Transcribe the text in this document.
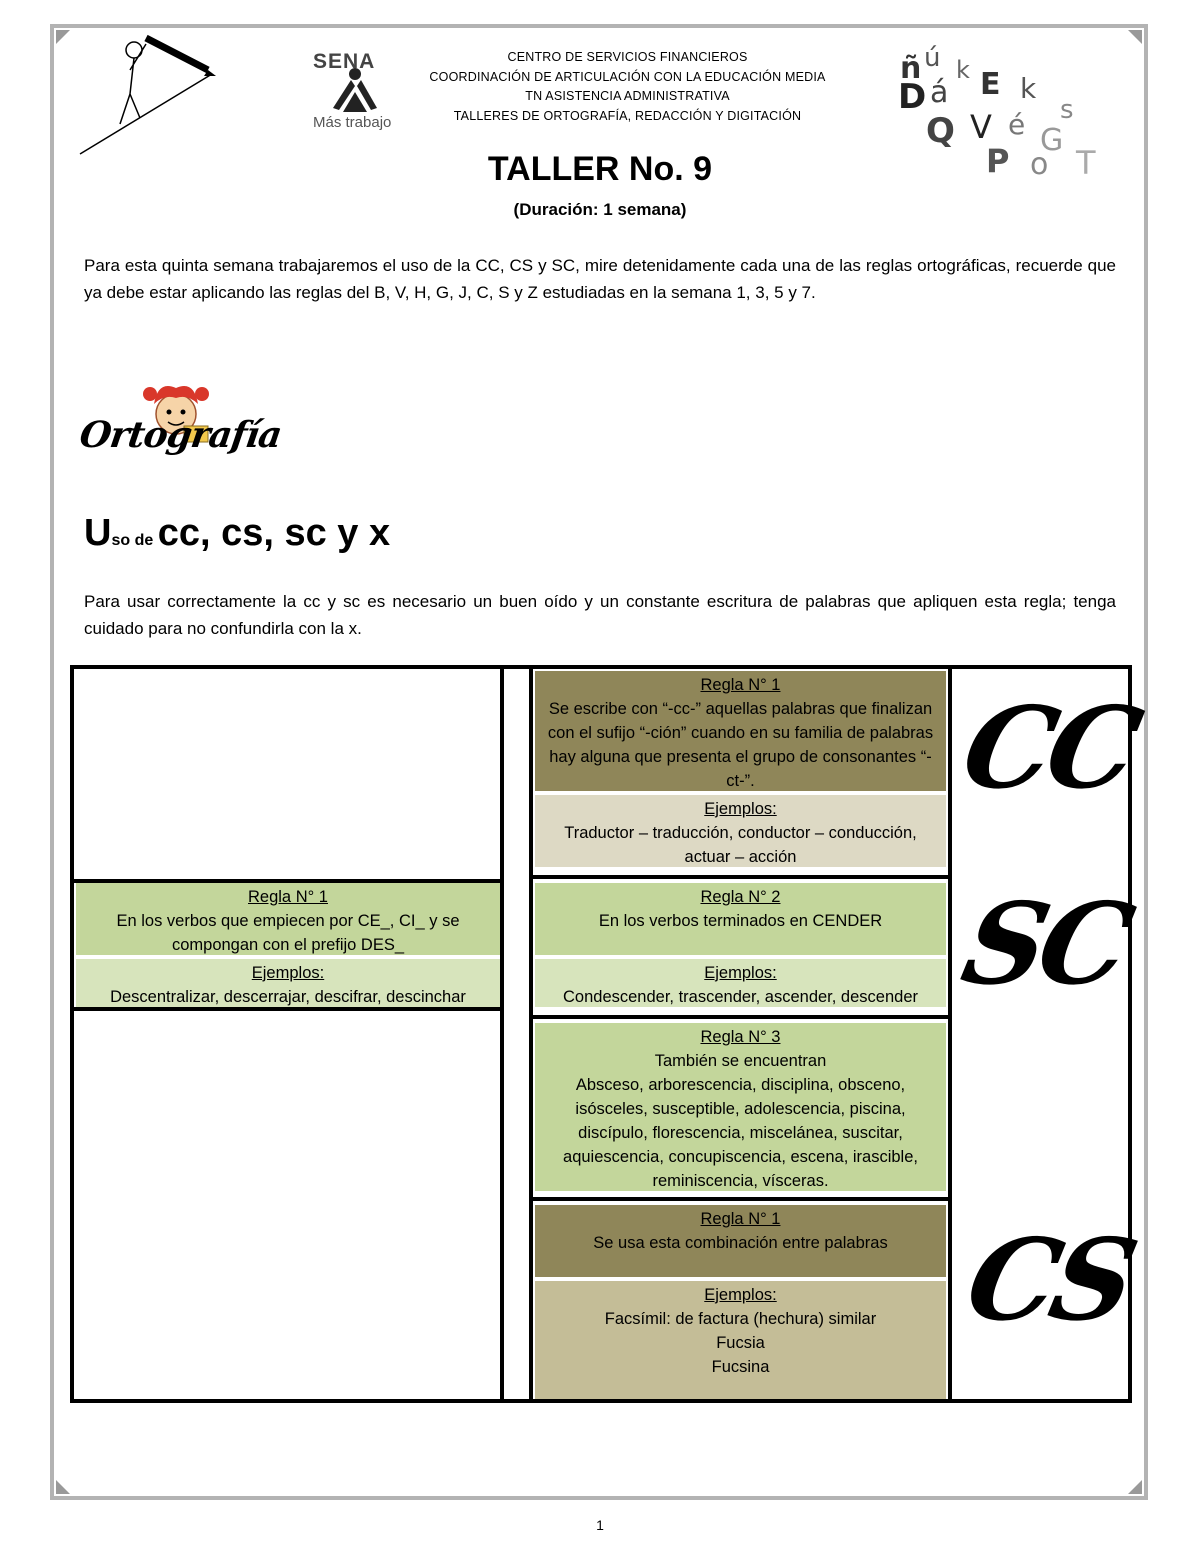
SENA
Más trabajo
CENTRO DE SERVICIOS FINANCIEROS
COORDINACIÓN DE ARTICULACIÓN CON LA EDUCACIÓN MEDIA
TN ASISTENCIA ADMINISTRATIVA
TALLERES DE ORTOGRAFÍA, REDACCIÓN Y DIGITACIÓN
ñ ú
D á
k E k
s
Q V é G
P o T
TALLER No. 9
(Duración: 1 semana)
Para esta quinta semana trabajaremos el uso de la CC, CS y SC, mire detenidamente cada una de las reglas ortográficas, recuerde que ya debe estar aplicando las reglas del B, V, H, G, J, C, S y Z estudiadas en la semana 1, 3, 5 y 7.
Ortografía
Uso de cc, cs, sc y x
Para usar correctamente la cc y sc es necesario un buen oído y un constante escritura de palabras que apliquen esta regla; tenga cuidado para no confundirla con la x.
Regla N° 1
En los verbos que empiecen por CE_, CI_ y se compongan con el prefijo DES_
Ejemplos:
Descentralizar, descerrajar, descifrar, descinchar
Regla N° 1
Se escribe con “-cc-” aquellas palabras que finalizan con el sufijo “-ción” cuando en su familia de palabras hay alguna que presenta el grupo de consonantes “-ct-”.
Ejemplos:
Traductor – traducción, conductor – conducción, actuar – acción
Regla N° 2
En los verbos terminados en CENDER
Ejemplos:
Condescender, trascender, ascender, descender
Regla N° 3
También se encuentran
Absceso, arborescencia, disciplina, obsceno, isósceles, susceptible, adolescencia, piscina, discípulo, florescencia, miscelánea, suscitar, aquiescencia, concupiscencia, escena, irascible, reminiscencia, vísceras.
Regla N° 1
Se usa esta combinación entre palabras
Ejemplos:
Facsímil: de factura (hechura) similar
Fucsia
Fucsina
CC
SC
CS
1
